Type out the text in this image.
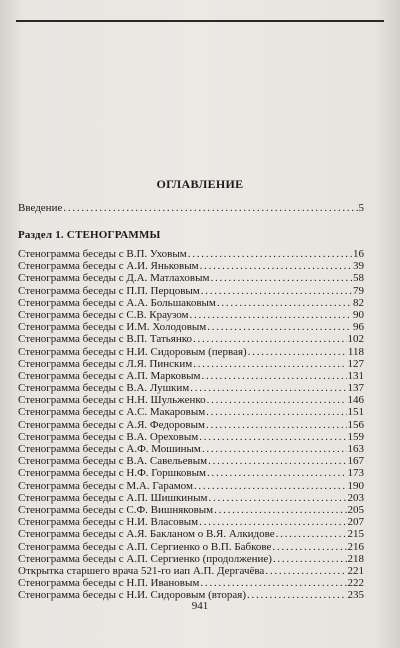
ОГЛАВЛЕНИЕ
Введение . . .	5
Раздел 1. СТЕНОГРАММЫ
Стенограмма беседы с В.П. Уховым . . .	16
Стенограмма беседы с А.И. Яньковым . . .	39
Стенограмма беседы с Д.А. Матлаховым . . .	58
Стенограмма беседы с П.П. Перцовым . . .	79
Стенограмма беседы с А.А. Большаковым . . .	82
Стенограмма беседы с С.В. Краузом . . .	90
Стенограмма беседы с И.М. Холодовым . . .	96
Стенограмма беседы с В.П. Татьянко . . .	102
Стенограмма беседы с Н.И. Сидоровым (первая) . . .	118
Стенограмма беседы с Л.Я. Пинским . . .	127
Стенограмма беседы с А.П. Марковым . . .	131
Стенограмма беседы с В.А. Лушким . . .	137
Стенограмма беседы с Н.Н. Шульженко . . .	146
Стенограмма беседы с А.С. Макаровым . . .	151
Стенограмма беседы с А.Я. Федоровым . . .	156
Стенограмма беседы с В.А. Ореховым . . .	159
Стенограмма беседы с А.Ф. Мошиным . . .	163
Стенограмма беседы с В.А. Савельевым . . .	167
Стенограмма беседы с Н.Ф. Горшковым . . .	173
Стенограмма беседы с М.А. Гарамом . . .	190
Стенограмма беседы с А.П. Шишкиным . . .	203
Стенограмма беседы с С.Ф. Вишняковым . . .	205
Стенограмма беседы с Н.И. Власовым . . .	207
Стенограмма беседы с А.Я. Бакланом о В.Я. Алкидове . . .	215
Стенограмма беседы с А.П. Сергиенко о В.П. Бабкове . . .	216
Стенограмма беседы с А.П. Сергиенко (продолжение) . . .	218
Открытка старшего врача 521-го иап А.П. Дергачёва . . .	221
Стенограмма беседы с Н.П. Ивановым . . .	222
Стенограмма беседы с Н.И. Сидоровым (вторая) . . .	235
941
